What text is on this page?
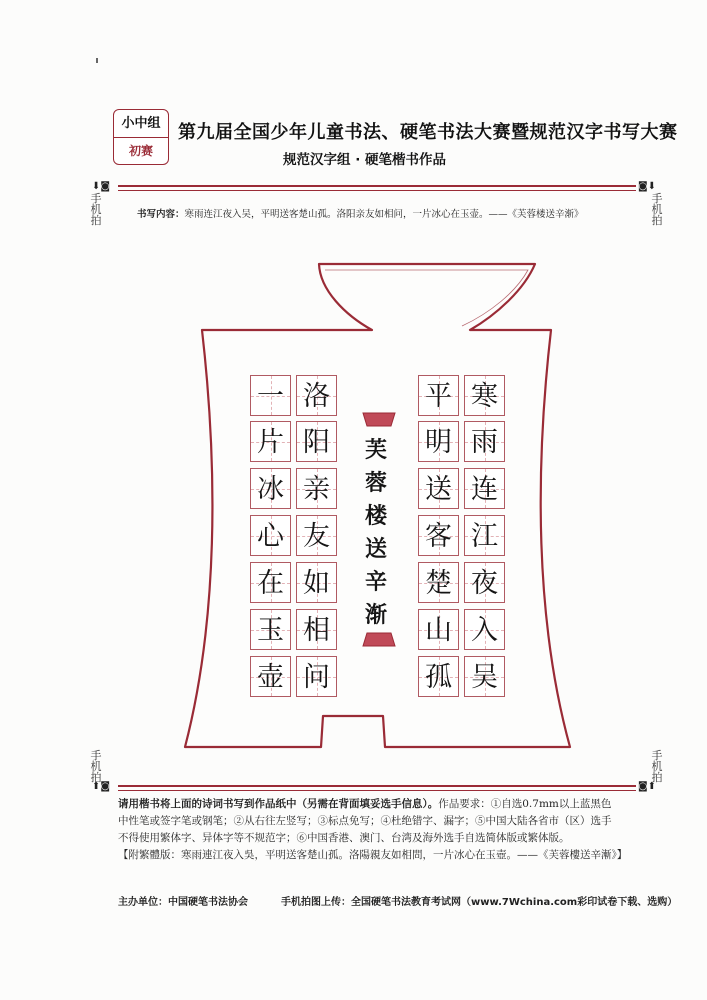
小中组
初赛
第九届全国少年儿童书法、硬笔书法大赛暨规范汉字书写大赛
规范汉字组 · 硬笔楷书作品
⬇◙	◙⬇
手机拍
手机拍
书写内容：寒雨连江夜入吴，平明送客楚山孤。洛阳亲友如相问，一片冰心在玉壶。——《芙蓉楼送辛渐》
一
片
冰
心
在
玉
壶
洛
阳
亲
友
如
相
问
平
明
送
客
楚
山
孤
寒
雨
连
江
夜
入
吴
芙
蓉
楼
送
辛
渐
手机拍
手机拍
⬆◙	◙⬆
请用楷书将上面的诗词书写到作品纸中（另需在背面填妥选手信息）。作品要求：①自选0.7mm以上蓝黑色
中性笔或签字笔或钢笔；②从右往左竖写；③标点免写；④杜绝错字、漏字；⑤中国大陆各省市（区）选手
不得使用繁体字、异体字等不规范字；⑥中国香港、澳门、台湾及海外选手自选简体版或繁体版。
【附繁體版：寒雨連江夜入吳，平明送客楚山孤。洛陽親友如相問，一片冰心在玉壺。——《芙蓉樓送辛漸》】
主办单位：中国硬笔书法协会	手机拍图上传：全国硬笔书法教育考试网（www.7Wchina.com彩印试卷下载、选购）
